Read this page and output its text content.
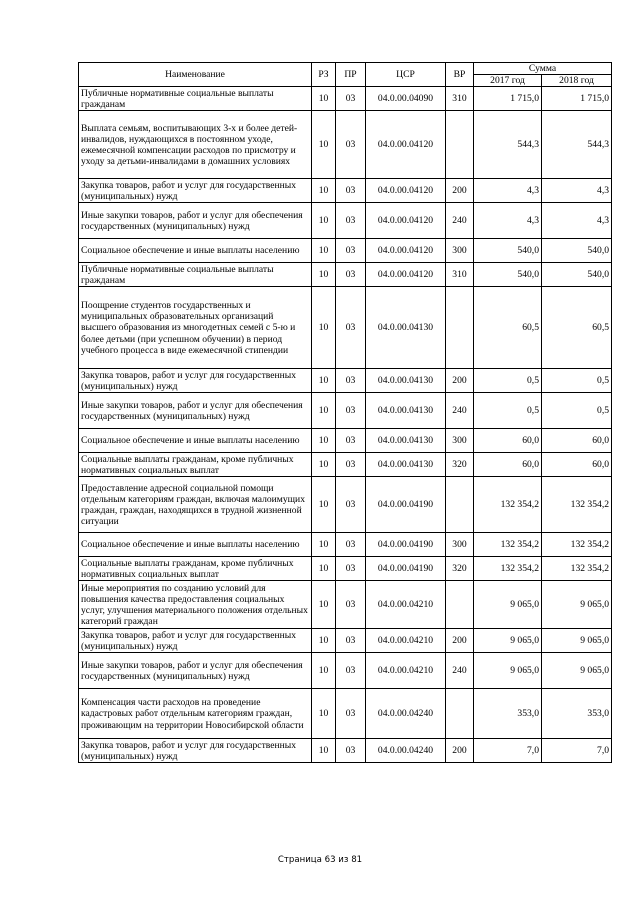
Наименование	РЗ	ПР	ЦСР	ВР	Сумма	
					2017 год	2018 год
Публичные нормативные социальные выплаты гражданам	10	03	04.0.00.04090	310	1 715,0	1 715,0
Выплата семьям, воспитывающих 3-х и более детей-инвалидов, нуждающихся в постоянном уходе, ежемесячной компенсации расходов по присмотру и уходу за детьми-инвалидами в домашних условиях	10	03	04.0.00.04120		544,3	544,3
Закупка товаров, работ и услуг для государственных (муниципальных) нужд	10	03	04.0.00.04120	200	4,3	4,3
Иные закупки товаров, работ и услуг для обеспечения государственных (муниципальных) нужд	10	03	04.0.00.04120	240	4,3	4,3
Социальное обеспечение и иные выплаты населению	10	03	04.0.00.04120	300	540,0	540,0
Публичные нормативные социальные выплаты гражданам	10	03	04.0.00.04120	310	540,0	540,0
Поощрение студентов государственных и муниципальных образовательных организаций высшего образования из многодетных семей с 5-ю и более детьми (при успешном обучении) в период учебного процесса в виде ежемесячной стипендии	10	03	04.0.00.04130		60,5	60,5
Закупка товаров, работ и услуг для государственных (муниципальных) нужд	10	03	04.0.00.04130	200	0,5	0,5
Иные закупки товаров, работ и услуг для обеспечения государственных (муниципальных) нужд	10	03	04.0.00.04130	240	0,5	0,5
Социальное обеспечение и иные выплаты населению	10	03	04.0.00.04130	300	60,0	60,0
Социальные выплаты гражданам, кроме публичных нормативных социальных выплат	10	03	04.0.00.04130	320	60,0	60,0
Предоставление адресной социальной помощи отдельным категориям граждан, включая малоимущих граждан, граждан, находящихся в трудной жизненной ситуации	10	03	04.0.00.04190		132 354,2	132 354,2
Социальное обеспечение и иные выплаты населению	10	03	04.0.00.04190	300	132 354,2	132 354,2
Социальные выплаты гражданам, кроме публичных нормативных социальных выплат	10	03	04.0.00.04190	320	132 354,2	132 354,2
Иные мероприятия по созданию условий для повышения качества предоставления социальных услуг, улучшения материального положения отдельных категорий граждан	10	03	04.0.00.04210		9 065,0	9 065,0
Закупка товаров, работ и услуг для государственных (муниципальных) нужд	10	03	04.0.00.04210	200	9 065,0	9 065,0
Иные закупки товаров, работ и услуг для обеспечения государственных (муниципальных) нужд	10	03	04.0.00.04210	240	9 065,0	9 065,0
Компенсация части расходов на проведение кадастровых работ отдельным категориям граждан, проживающим на территории Новосибирской области	10	03	04.0.00.04240		353,0	353,0
Закупка товаров, работ и услуг для государственных (муниципальных) нужд	10	03	04.0.00.04240	200	7,0	7,0
Страница 63 из 81
